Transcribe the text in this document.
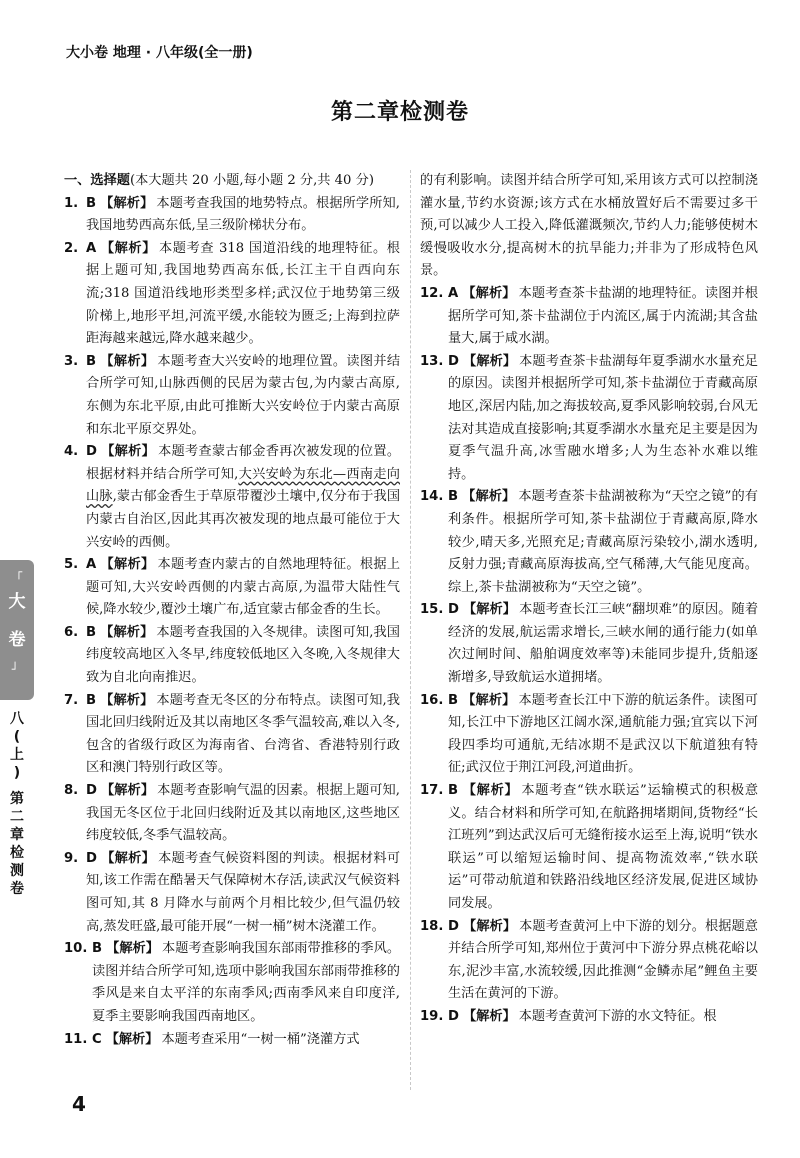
大小卷 地理 · 八年级(全一册)
第二章检测卷
一、选择题(本大题共 20 小题,每小题 2 分,共 40 分)
1. B 【解析】 本题考查我国的地势特点。根据所学所知,我国地势西高东低,呈三级阶梯状分布。
2. A 【解析】 本题考查 318 国道沿线的地理特征。根据上题可知,我国地势西高东低,长江主干自西向东流;318 国道沿线地形类型多样;武汉位于地势第三级阶梯上,地形平坦,河流平缓,水能较为匮乏;上海到拉萨距海越来越远,降水越来越少。
3. B 【解析】 本题考查大兴安岭的地理位置。读图并结合所学可知,山脉西侧的民居为蒙古包,为内蒙古高原,东侧为东北平原,由此可推断大兴安岭位于内蒙古高原和东北平原交界处。
4. D 【解析】 本题考查蒙古郁金香再次被发现的位置。根据材料并结合所学可知,大兴安岭为东北—西南走向山脉,蒙古郁金香生于草原带覆沙土壤中,仅分布于我国内蒙古自治区,因此其再次被发现的地点最可能位于大兴安岭的西侧。
5. A 【解析】 本题考查内蒙古的自然地理特征。根据上题可知,大兴安岭西侧的内蒙古高原,为温带大陆性气候,降水较少,覆沙土壤广布,适宜蒙古郁金香的生长。
6. B 【解析】 本题考查我国的入冬规律。读图可知,我国纬度较高地区入冬早,纬度较低地区入冬晚,入冬规律大致为自北向南推迟。
7. B 【解析】 本题考查无冬区的分布特点。读图可知,我国北回归线附近及其以南地区冬季气温较高,难以入冬,包含的省级行政区为海南省、台湾省、香港特别行政区和澳门特别行政区等。
8. D 【解析】 本题考查影响气温的因素。根据上题可知,我国无冬区位于北回归线附近及其以南地区,这些地区纬度较低,冬季气温较高。
9. D 【解析】 本题考查气候资料图的判读。根据材料可知,该工作需在酷暑天气保障树木存活,读武汉气候资料图可知,其 8 月降水与前两个月相比较少,但气温仍较高,蒸发旺盛,最可能开展“一树一桶”树木浇灌工作。
10. B 【解析】 本题考查影响我国东部雨带推移的季风。读图并结合所学可知,选项中影响我国东部雨带推移的季风是来自太平洋的东南季风;西南季风来自印度洋,夏季主要影响我国西南地区。
11. C 【解析】 本题考查采用“一树一桶”浇灌方式
的有利影响。读图并结合所学可知,采用该方式可以控制浇灌水量,节约水资源;该方式在水桶放置好后不需要过多干预,可以减少人工投入,降低灌溉频次,节约人力;能够使树木缓慢吸收水分,提高树木的抗旱能力;并非为了形成特色风景。
12. A 【解析】 本题考查茶卡盐湖的地理特征。读图并根据所学可知,茶卡盐湖位于内流区,属于内流湖;其含盐量大,属于咸水湖。
13. D 【解析】 本题考查茶卡盐湖每年夏季湖水水量充足的原因。读图并根据所学可知,茶卡盐湖位于青藏高原地区,深居内陆,加之海拔较高,夏季风影响较弱,台风无法对其造成直接影响;其夏季湖水水量充足主要是因为夏季气温升高,冰雪融水增多;人为生态补水难以维持。
14. B 【解析】 本题考查茶卡盐湖被称为“天空之镜”的有利条件。根据所学可知,茶卡盐湖位于青藏高原,降水较少,晴天多,光照充足;青藏高原污染较小,湖水透明,反射力强;青藏高原海拔高,空气稀薄,大气能见度高。综上,茶卡盐湖被称为“天空之镜”。
15. D 【解析】 本题考查长江三峡“翻坝难”的原因。随着经济的发展,航运需求增长,三峡水闸的通行能力(如单次过闸时间、船舶调度效率等)未能同步提升,货船逐渐增多,导致航运水道拥堵。
16. B 【解析】 本题考查长江中下游的航运条件。读图可知,长江中下游地区江阔水深,通航能力强;宜宾以下河段四季均可通航,无结冰期不是武汉以下航道独有特征;武汉位于荆江河段,河道曲折。
17. B 【解析】 本题考查“铁水联运”运输模式的积极意义。结合材料和所学可知,在航路拥堵期间,货物经“长江班列”到达武汉后可无缝衔接水运至上海,说明“铁水联运”可以缩短运输时间、提高物流效率,“铁水联运”可带动航道和铁路沿线地区经济发展,促进区域协同发展。
18. D 【解析】 本题考查黄河上中下游的划分。根据题意并结合所学可知,郑州位于黄河中下游分界点桃花峪以东,泥沙丰富,水流较缓,因此推测“金鳞赤尾”鲤鱼主要生活在黄河的下游。
19. D 【解析】 本题考查黄河下游的水文特征。根
「
大
卷
」
八
(
上
)
第
二
章
检
测
卷
4
